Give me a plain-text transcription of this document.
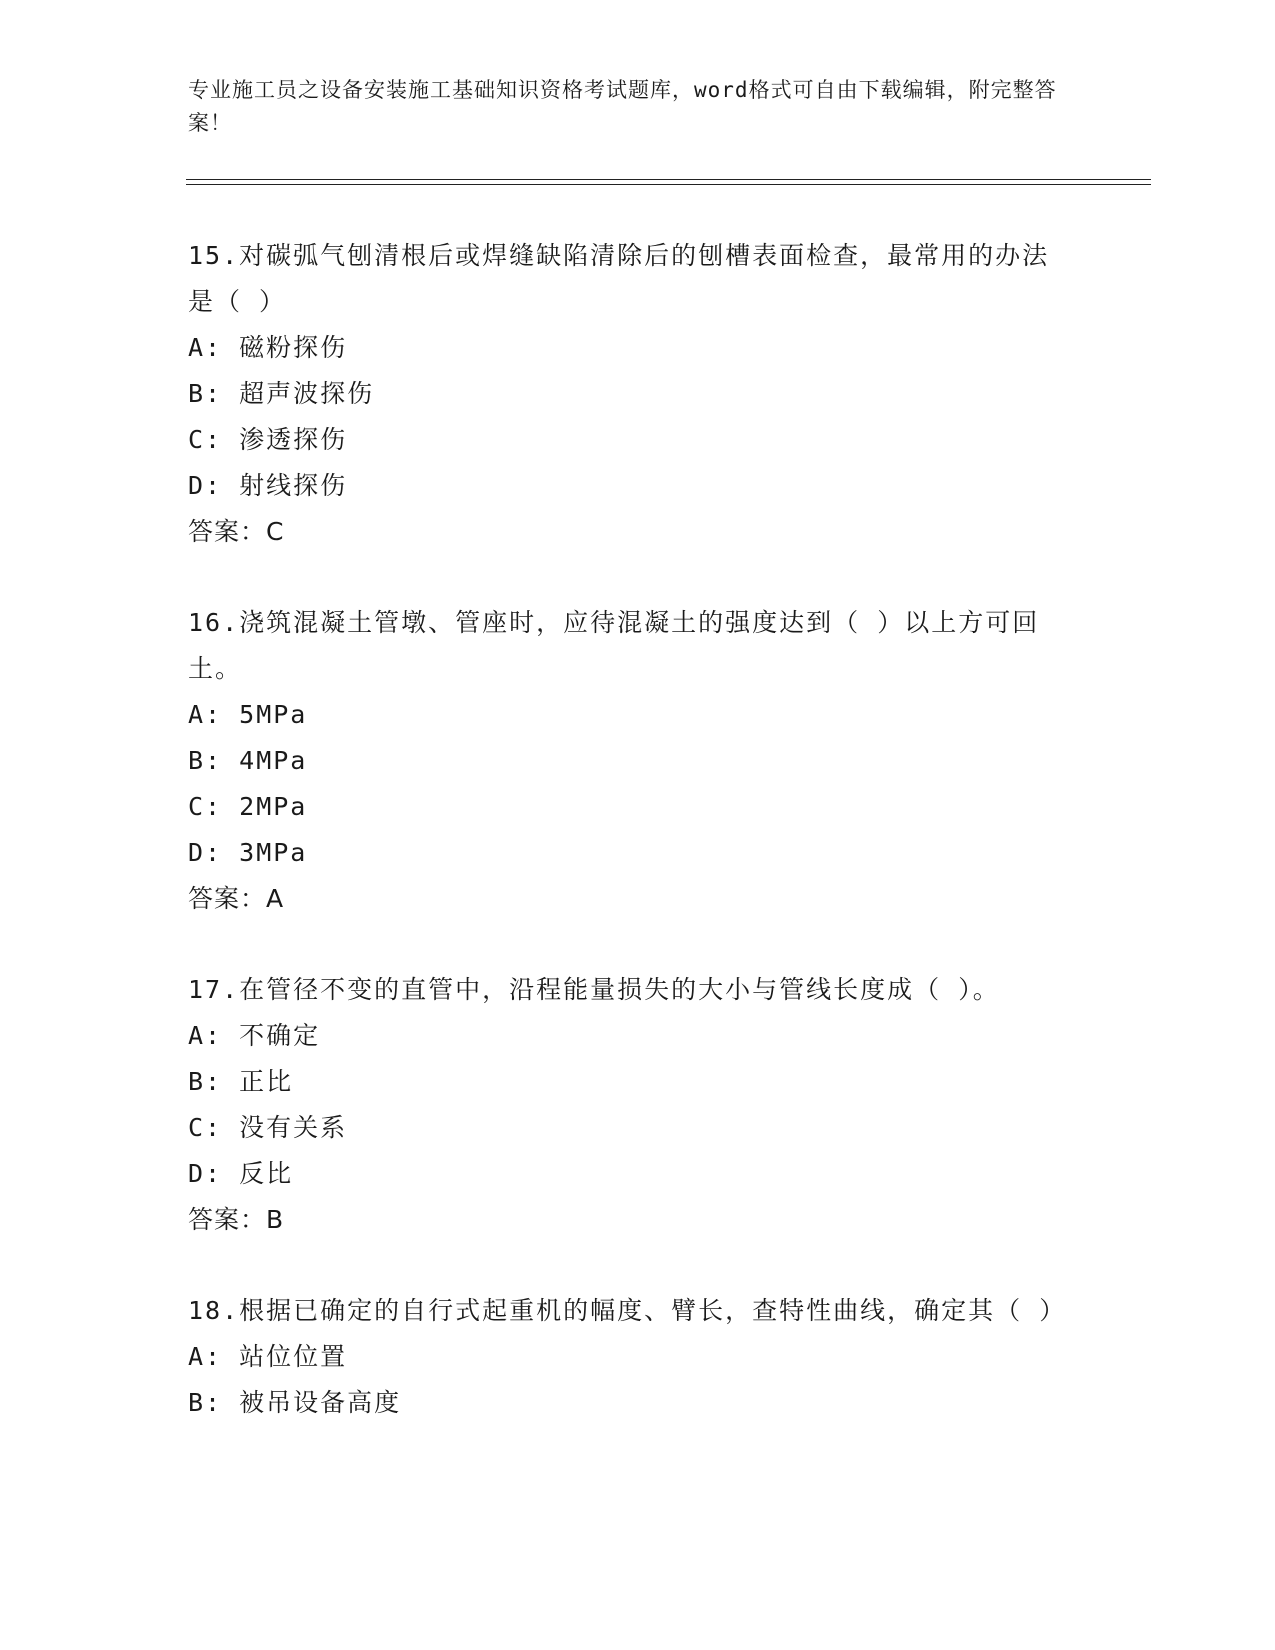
专业施工员之设备安装施工基础知识资格考试题库，word格式可自由下载编辑，附完整答案！
15.对碳弧气刨清根后或焊缝缺陷清除后的刨槽表面检查，最常用的办法是（ ）
A: 磁粉探伤
B: 超声波探伤
C: 渗透探伤
D: 射线探伤
答案：C
16.浇筑混凝土管墩、管座时，应待混凝土的强度达到（ ）以上方可回土。
A: 5MPa
B: 4MPa
C: 2MPa
D: 3MPa
答案：A
17.在管径不变的直管中，沿程能量损失的大小与管线长度成（ ）。
A: 不确定
B: 正比
C: 没有关系
D: 反比
答案：B
18.根据已确定的自行式起重机的幅度、臂长，查特性曲线，确定其（ ）
A: 站位位置
B: 被吊设备高度
